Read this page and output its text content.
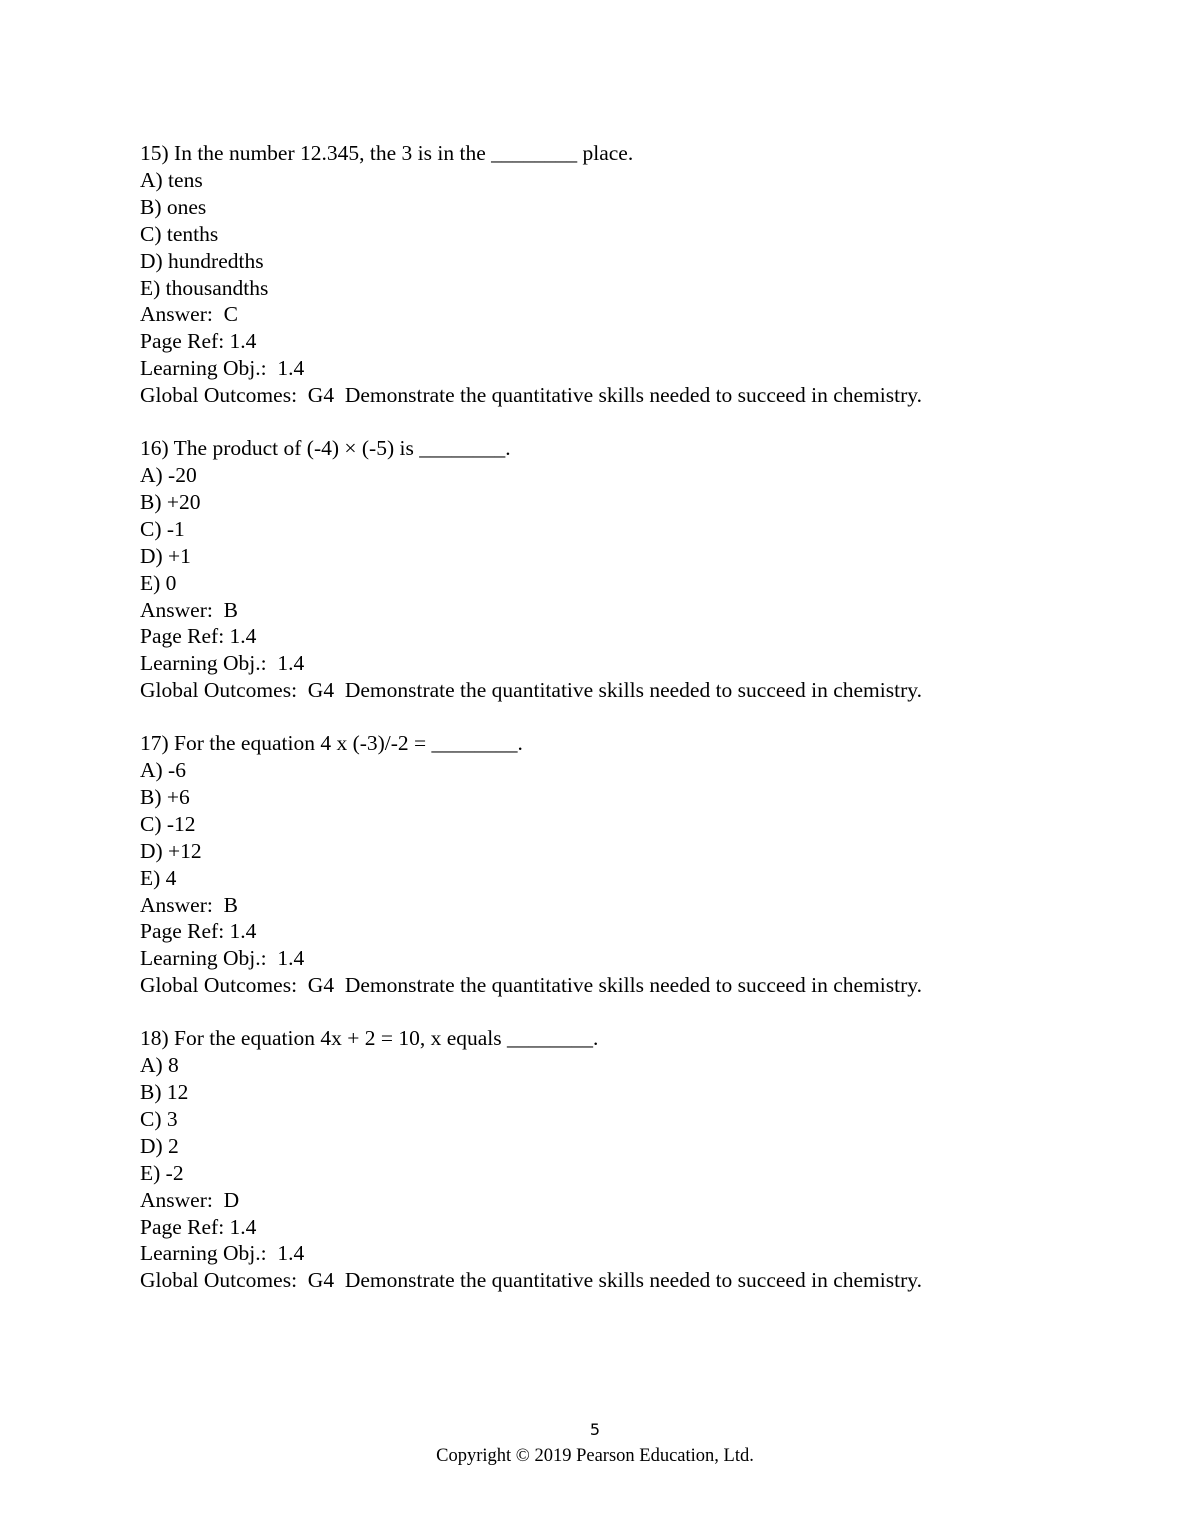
15) In the number 12.345, the 3 is in the ________ place.

A) tens

B) ones

C) tenths

D) hundredths

E) thousandths

Answer:  C

Page Ref: 1.4

Learning Obj.:  1.4

Global Outcomes:  G4  Demonstrate the quantitative skills needed to succeed in chemistry.

16) The product of (-4) × (-5) is ________.

A) -20

B) +20

C) -1

D) +1

E) 0

Answer:  B

Page Ref: 1.4

Learning Obj.:  1.4

Global Outcomes:  G4  Demonstrate the quantitative skills needed to succeed in chemistry.

17) For the equation 4 x (-3)/-2 = ________.

A) -6

B) +6

C) -12

D) +12

E) 4

Answer:  B

Page Ref: 1.4

Learning Obj.:  1.4

Global Outcomes:  G4  Demonstrate the quantitative skills needed to succeed in chemistry.

18) For the equation 4x + 2 = 10, x equals ________.

A) 8

B) 12

C) 3

D) 2

E) -2

Answer:  D

Page Ref: 1.4

Learning Obj.:  1.4

Global Outcomes:  G4  Demonstrate the quantitative skills needed to succeed in chemistry.

5
Copyright © 2019 Pearson Education, Ltd.
